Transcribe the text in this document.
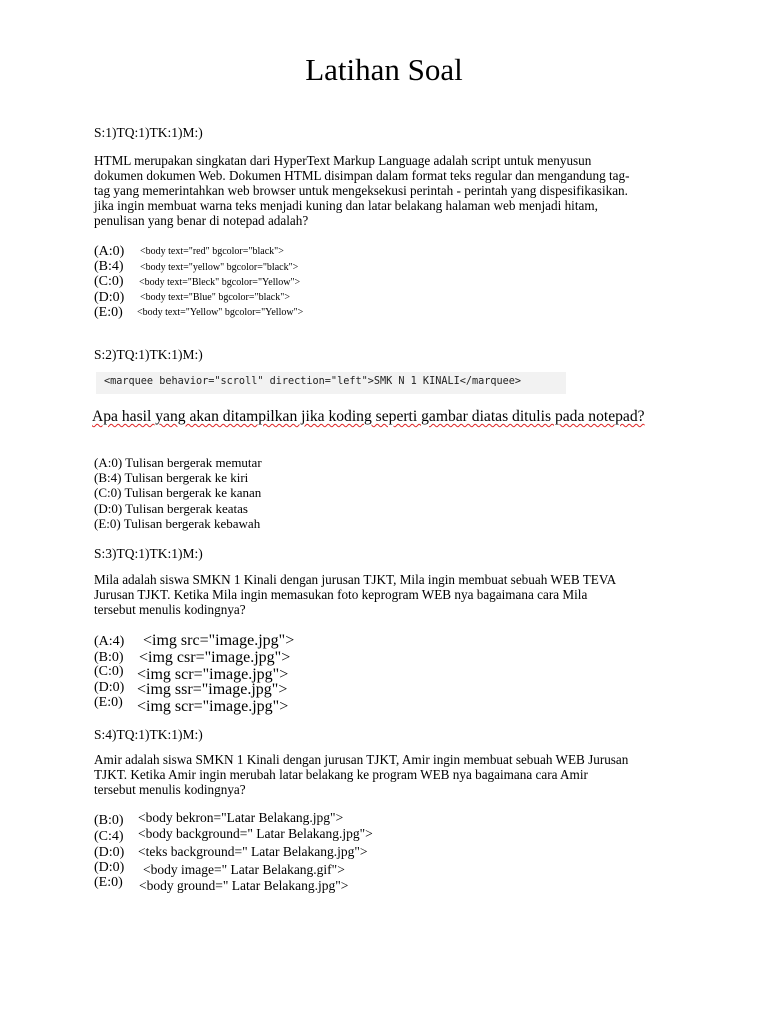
Latihan Soal
S:1)TQ:1)TK:1)M:)
HTML merupakan singkatan dari HyperText Markup Language adalah script untuk menyusun
dokumen dokumen Web. Dokumen HTML disimpan dalam format teks regular dan mengandung tag-
tag yang memerintahkan web browser untuk mengeksekusi perintah - perintah yang dispesifikasikan.
jika ingin membuat warna teks menjadi kuning dan latar belakang halaman web menjadi hitam,
penulisan yang benar di notepad adalah?
(A:0) <body text="red" bgcolor="black">
(B:4) <body text="yellow" bgcolor="black">
(C:0) <body text="Bleck" bgcolor="Yellow">
(D:0) <body text="Blue" bgcolor="black">
(E:0) <body text="Yellow" bgcolor="Yellow">
S:2)TQ:1)TK:1)M:)
<marquee behavior="scroll" direction="left">SMK N 1 KINALI</marquee>
Apa hasil yang akan ditampilkan jika koding seperti gambar diatas ditulis pada notepad?
(A:0) Tulisan bergerak memutar
(B:4) Tulisan bergerak ke kiri
(C:0) Tulisan bergerak ke kanan
(D:0) Tulisan bergerak keatas
(E:0) Tulisan bergerak kebawah
S:3)TQ:1)TK:1)M:)
Mila adalah siswa SMKN 1 Kinali dengan jurusan TJKT, Mila ingin membuat sebuah WEB TEVA
Jurusan TJKT. Ketika Mila ingin memasukan foto keprogram WEB nya bagaimana cara Mila
tersebut menulis kodingnya?
(A:4) <img src="image.jpg">
(B:0) <img csr="image.jpg">
(C:0) <img scr="image.jpg">
(D:0) <img ssr="image.jpg">
(E:0) <img scr="image.jpg">
S:4)TQ:1)TK:1)M:)
Amir adalah siswa SMKN 1 Kinali dengan jurusan TJKT, Amir ingin membuat sebuah WEB Jurusan
TJKT. Ketika Amir ingin merubah latar belakang ke program WEB nya bagaimana cara Amir
tersebut menulis kodingnya?
(B:0) <body bekron="Latar Belakang.jpg">
(C:4) <body background=" Latar Belakang.jpg">
(D:0) <teks background=" Latar Belakang.jpg">
(D:0) <body image=" Latar Belakang.gif">
(E:0) <body ground=" Latar Belakang.jpg">
